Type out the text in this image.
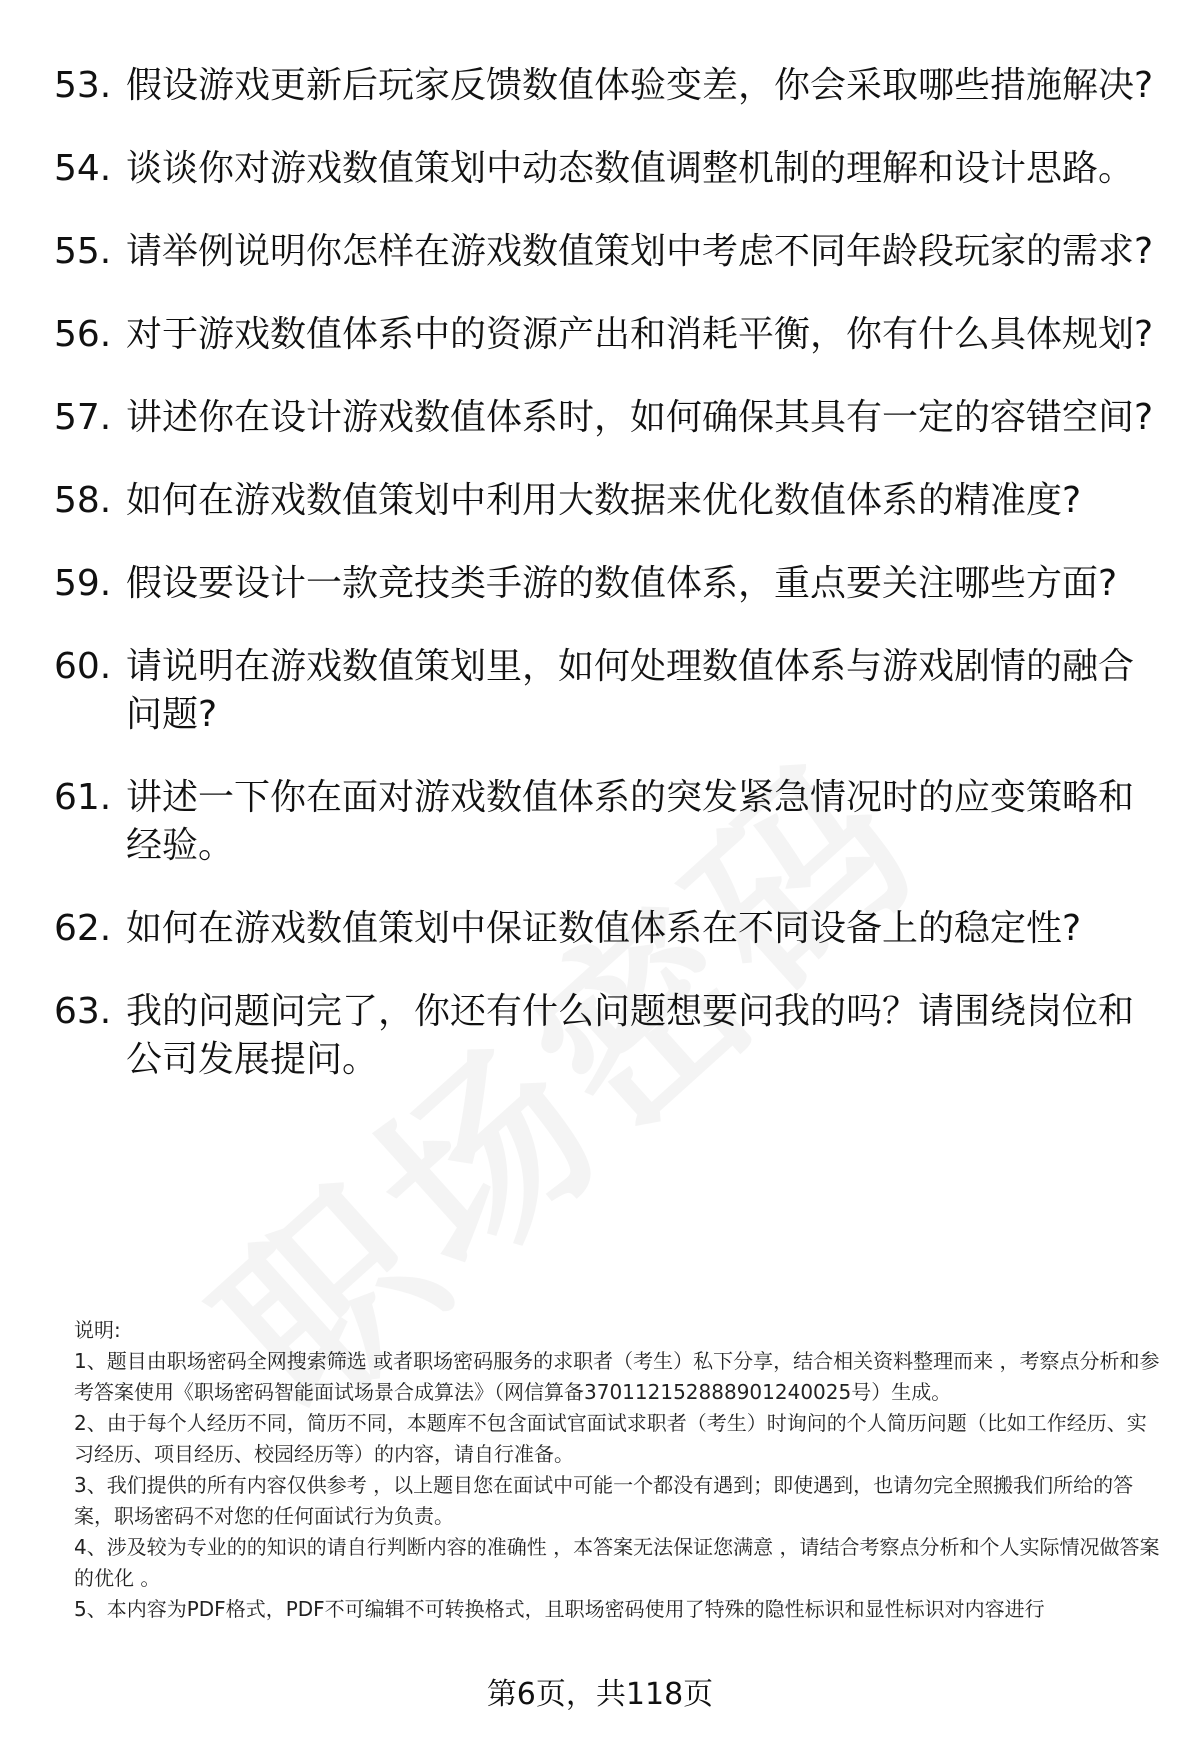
53. 假设游戏更新后玩家反馈数值体验变差，你会采取哪些措施解决?
54. 谈谈你对游戏数值策划中动态数值调整机制的理解和设计思路。
55. 请举例说明你怎样在游戏数值策划中考虑不同年龄段玩家的需求?
56. 对于游戏数值体系中的资源产出和消耗平衡，你有什么具体规划?
57. 讲述你在设计游戏数值体系时，如何确保其具有一定的容错空间?
58. 如何在游戏数值策划中利用大数据来优化数值体系的精准度?
59. 假设要设计一款竞技类手游的数值体系，重点要关注哪些方面?
60. 请说明在游戏数值策划里，如何处理数值体系与游戏剧情的融合问题?
61. 讲述一下你在面对游戏数值体系的突发紧急情况时的应变策略和经验。
62. 如何在游戏数值策划中保证数值体系在不同设备上的稳定性?
63. 我的问题问完了，你还有什么问题想要问我的吗？请围绕岗位和公司发展提问。

说明:

1、题目由职场密码全网搜索筛选 或者职场密码服务的求职者（考生）私下分享，结合相关资料整理而来 ，考察点分析和参考答案使用《职场密码智能面试场景合成算法》（网信算备370112152888901240025号）生成。

2、由于每个人经历不同，简历不同，本题库不包含面试官面试求职者（考生）时询问的个人简历问题（比如工作经历、实习经历、项目经历、校园经历等）的内容，请自行准备。

3、我们提供的所有内容仅供参考 ，以上题目您在面试中可能一个都没有遇到；即使遇到，也请勿完全照搬我们所给的答案，职场密码不对您的任何面试行为负责。

4、涉及较为专业的的知识的请自行判断内容的准确性 ，本答案无法保证您满意 ，请结合考察点分析和个人实际情况做答案的优化 。

5、本内容为PDF格式，PDF不可编辑不可转换格式，且职场密码使用了特殊的隐性标识和显性标识对内容进行

第6页，共118页
